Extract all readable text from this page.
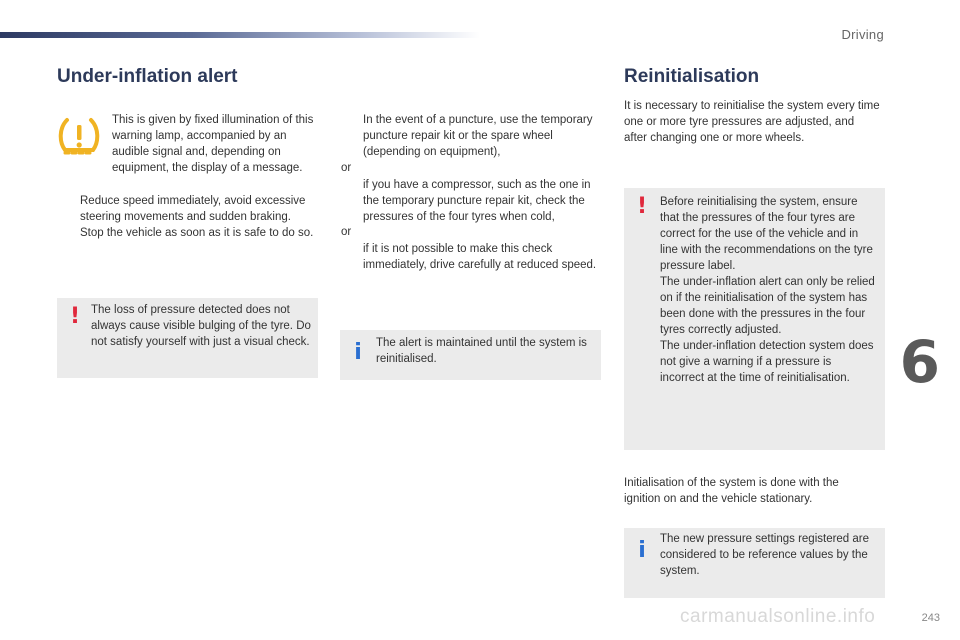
Driving
6
243
carmanualsonline.info
Under-inflation alert
This is given by fixed illumination of this warning lamp, accompanied by an audible signal and, depending on equipment, the display of a message.
Reduce speed immediately, avoid excessive steering movements and sudden braking.
Stop the vehicle as soon as it is safe to do so.
! The loss of pressure detected does not always cause visible bulging of the tyre. Do not satisfy yourself with just a visual check.
In the event of a puncture, use the temporary puncture repair kit or the spare wheel (depending on equipment),
or
if you have a compressor, such as the one in the temporary puncture repair kit, check the pressures of the four tyres when cold,
or
if it is not possible to make this check immediately, drive carefully at reduced speed.
i The alert is maintained until the system is reinitialised.
Reinitialisation
It is necessary to reinitialise the system every time one or more tyre pressures are adjusted, and after changing one or more wheels.
! Before reinitialising the system, ensure that the pressures of the four tyres are correct for the use of the vehicle and in line with the recommendations on the tyre pressure label.
The under-inflation alert can only be relied on if the reinitialisation of the system has been done with the pressures in the four tyres correctly adjusted.
The under-inflation detection system does not give a warning if a pressure is incorrect at the time of reinitialisation.
Initialisation of the system is done with the ignition on and the vehicle stationary.
i The new pressure settings registered are considered to be reference values by the system.
